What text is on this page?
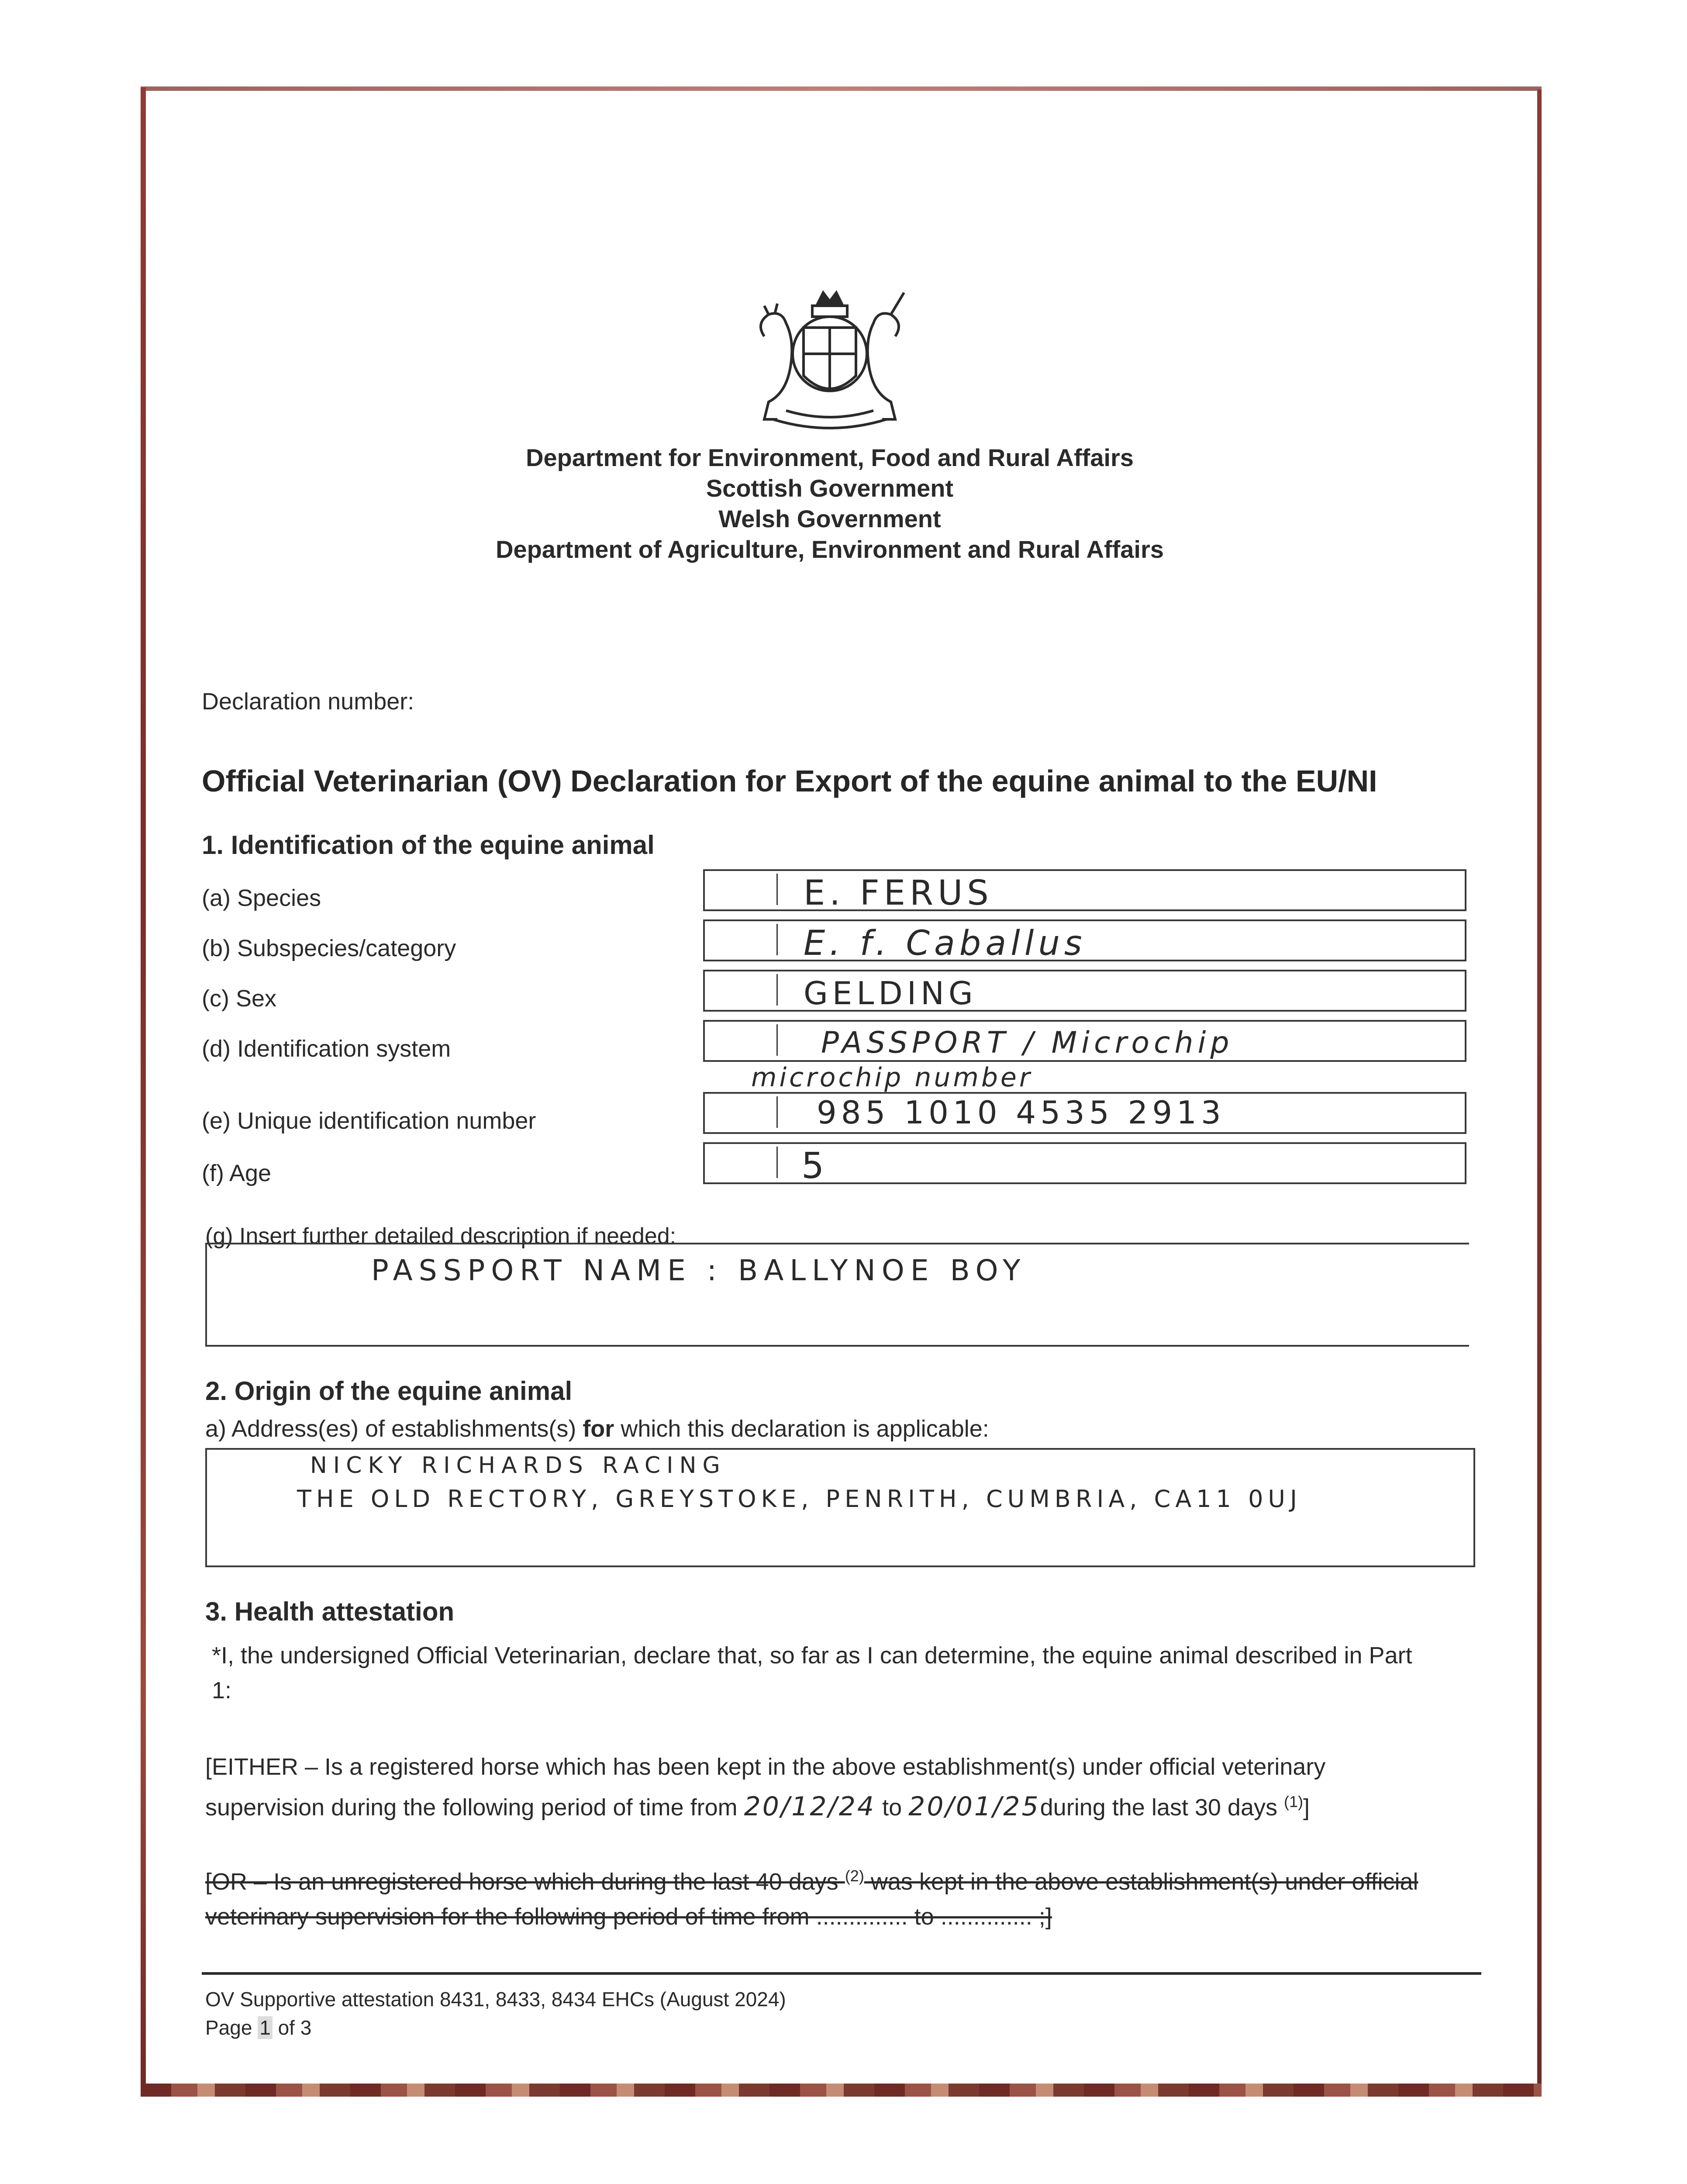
Department for Environment, Food and Rural Affairs
Scottish Government
Welsh Government
Department of Agriculture, Environment and Rural Affairs
Declaration number:
Official Veterinarian (OV) Declaration for Export of the equine animal to the EU/NI
1. Identification of the equine animal
(a) Species	E. FERUS
(b) Subspecies/category	E. f. Caballus
(c) Sex	GELDING
(d) Identification system	PASSPORT / Microchip
microchip number
(e) Unique identification number	985 1010 4535 2913
(f) Age	5
(g) Insert further detailed description if needed:
PASSPORT NAME : BALLYNOE BOY
2. Origin of the equine animal
a) Address(es) of establishments(s) for which this declaration is applicable:
NICKY RICHARDS RACING
THE OLD RECTORY, GREYSTOKE, PENRITH, CUMBRIA, CA11 0UJ
3. Health attestation
*I, the undersigned Official Veterinarian, declare that, so far as I can determine, the equine animal described in Part
1:
[EITHER – Is a registered horse which has been kept in the above establishment(s) under official veterinary
supervision during the following period of time from 20/12/24 to 20/01/25during the last 30 days $^{(1)}$]
[OR – Is an unregistered horse which during the last 40 days $^{(2)}$ was kept in the above establishment(s) under official
veterinary supervision for the following period of time from .............. to .............. ;]
OV Supportive attestation 8431, 8433, 8434 EHCs (August 2024)
Page 1 of 3
